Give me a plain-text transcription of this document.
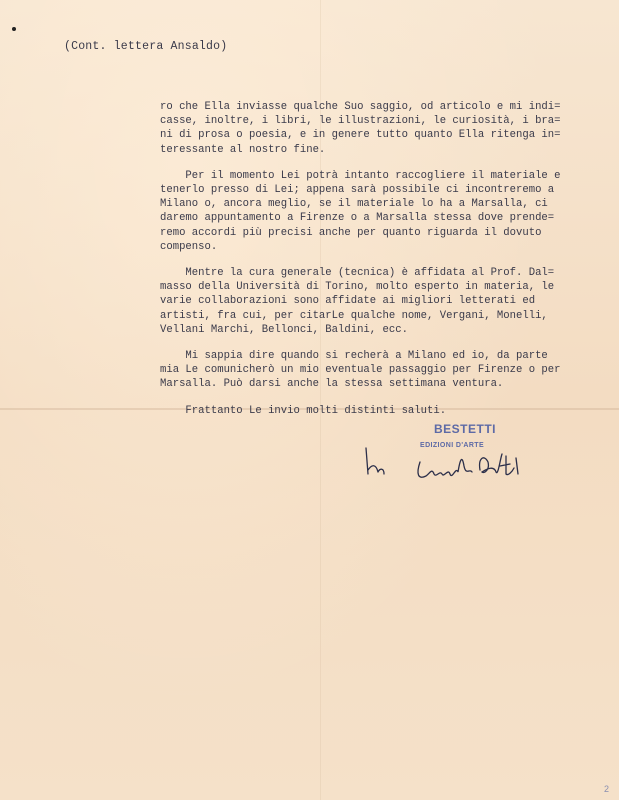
(Cont. lettera Ansaldo)

ro che Ella inviasse qualche Suo saggio, od articolo e mi indi=
casse, inoltre, i libri, le illustrazioni, le curiosità, i bra=
ni di prosa o poesia, e in genere tutto quanto Ella ritenga in=
teressante al nostro fine.

Per il momento Lei potrà intanto raccogliere il materiale e
tenerlo presso di Lei; appena sarà possibile ci incontreremo a
Milano o, ancora meglio, se il materiale lo ha a Marsalla, ci
daremo appuntamento a Firenze o a Marsalla stessa dove prende=
remo accordi più precisi anche per quanto riguarda il dovuto
compenso.

Mentre la cura generale (tecnica) è affidata al Prof. Dal=
masso della Università di Torino, molto esperto in materia, le
varie collaborazioni sono affidate ai migliori letterati ed
artisti, fra cui, per citarLe qualche nome, Vergani, Monelli,
Vellani Marchi, Bellonci, Baldini, ecc.

Mi sappia dire quando si recherà a Milano ed io, da parte
mia Le comunicherò un mio eventuale passaggio per Firenze o per
Marsalla. Può darsi anche la stessa settimana ventura.

Frattanto Le invio molti distinti saluti.

BESTETTI
EDIZIONI D'ARTE
2
